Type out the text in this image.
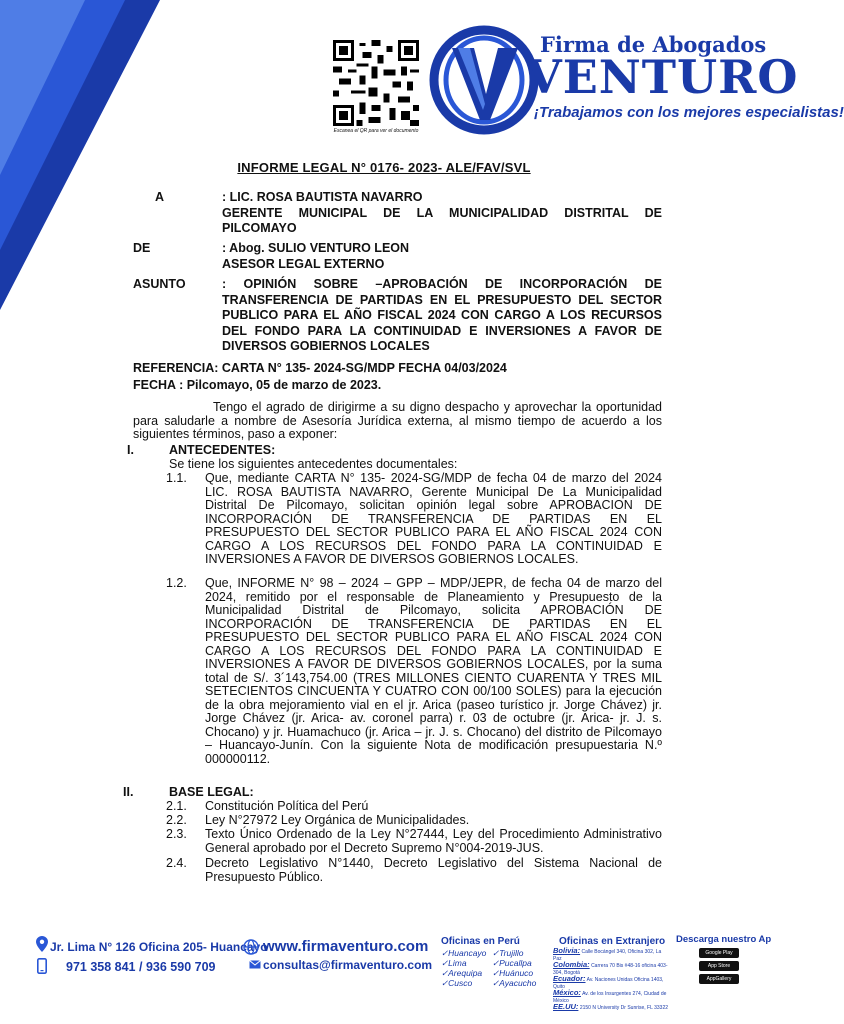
Escanea el QR para ver el documento
Firma de Abogados
VENTURO
¡Trabajamos con los mejores especialistas!
INFORME LEGAL N° 0176- 2023- ALE/FAV/SVL
A	: LIC. ROSA BAUTISTA NAVARRO
GERENTE MUNICIPAL DE LA MUNICIPALIDAD DISTRITAL DE PILCOMAYO
DE	: Abog. SULIO VENTURO LEON
ASESOR LEGAL EXTERNO
ASUNTO	: OPINIÓN SOBRE –APROBACIÓN DE INCORPORACIÓN DE TRANSFERENCIA DE PARTIDAS EN EL PRESUPUESTO DEL SECTOR PUBLICO PARA EL AÑO FISCAL 2024 CON CARGO A LOS RECURSOS DEL FONDO PARA LA CONTINUIDAD E INVERSIONES A FAVOR DE DIVERSOS GOBIERNOS LOCALES
REFERENCIA: CARTA N° 135- 2024-SG/MDP FECHA 04/03/2024
FECHA : Pilcomayo, 05 de marzo de 2023.
Tengo el agrado de dirigirme a su digno despacho y aprovechar la oportunidad para saludarle a nombre de Asesoría Jurídica externa, al mismo tiempo de acuerdo a los siguientes términos, paso a exponer:
I.	ANTECEDENTES:
Se tiene los siguientes antecedentes documentales:
1.1. Que, mediante CARTA N° 135- 2024-SG/MDP de fecha 04 de marzo del 2024 LIC. ROSA BAUTISTA NAVARRO, Gerente Municipal De La Municipalidad Distrital De Pilcomayo, solicitan opinión legal sobre APROBACION DE INCORPORACIÓN DE TRANSFERENCIA DE PARTIDAS EN EL PRESUPUESTO DEL SECTOR PUBLICO PARA EL AÑO FISCAL 2024 CON CARGO A LOS RECURSOS DEL FONDO PARA LA CONTINUIDAD E INVERSIONES A FAVOR DE DIVERSOS GOBIERNOS LOCALES.
1.2. Que, INFORME N° 98 – 2024 – GPP – MDP/JEPR, de fecha 04 de marzo del 2024, remitido por el responsable de Planeamiento y Presupuesto de la Municipalidad Distrital de Pilcomayo, solicita APROBACIÓN DE INCORPORACIÓN DE TRANSFERENCIA DE PARTIDAS EN EL PRESUPUESTO DEL SECTOR PUBLICO PARA EL AÑO FISCAL 2024 CON CARGO A LOS RECURSOS DEL FONDO PARA LA CONTINUIDAD E INVERSIONES A FAVOR DE DIVERSOS GOBIERNOS LOCALES, por la suma total de S/. 3´143,754.00 (TRES MILLONES CIENTO CUARENTA Y TRES MIL SETECIENTOS CINCUENTA Y CUATRO CON 00/100 SOLES) para la ejecución de la obra mejoramiento vial en el jr. Arica (paseo turístico jr. Jorge Chávez) jr. Jorge Chávez (jr. Arica- av. coronel parra) r. 03 de octubre (jr. Arica- jr. J. s. Chocano) y jr. Huamachuco (jr. Arica – jr. J. s. Chocano) del distrito de Pilcomayo – Huancayo-Junín. Con la siguiente Nota de modificación presupuestaria N.º 000000112.
II.	BASE LEGAL:
2.1. Constitución Política del Perú
2.2. Ley N°27972 Ley Orgánica de Municipalidades.
2.3. Texto Único Ordenado de la Ley N°27444, Ley del Procedimiento Administrativo General aprobado por el Decreto Supremo N°004-2019-JUS.
2.4. Decreto Legislativo N°1440, Decreto Legislativo del Sistema Nacional de Presupuesto Público.
Jr. Lima N° 126 Oficina 205- Huancayo
971 358 841 / 936 590 709
www.firmaventuro.com
consultas@firmaventuro.com
Oficinas en Perú
✓Huancayo
✓Lima
✓Arequipa
✓Cusco
✓Trujillo
✓Pucallpa
✓Huánuco
✓Ayacucho
Oficinas en Extranjero
Bolivia: Calle Bocángel 340, Oficina 302, La Paz
Colombia: Carrera 70 Bis #48-16 oficina 403-304, Bogotá
Ecuador: Av. Naciones Unidas Oficina 1403, Quito
México: Av. de los Insurgentes 274, Ciudad de México
EE.UU: 2150 N University Dr Sunrise, FL 33322
Descarga nuestro Ap
Google Play
App Store
AppGallery
